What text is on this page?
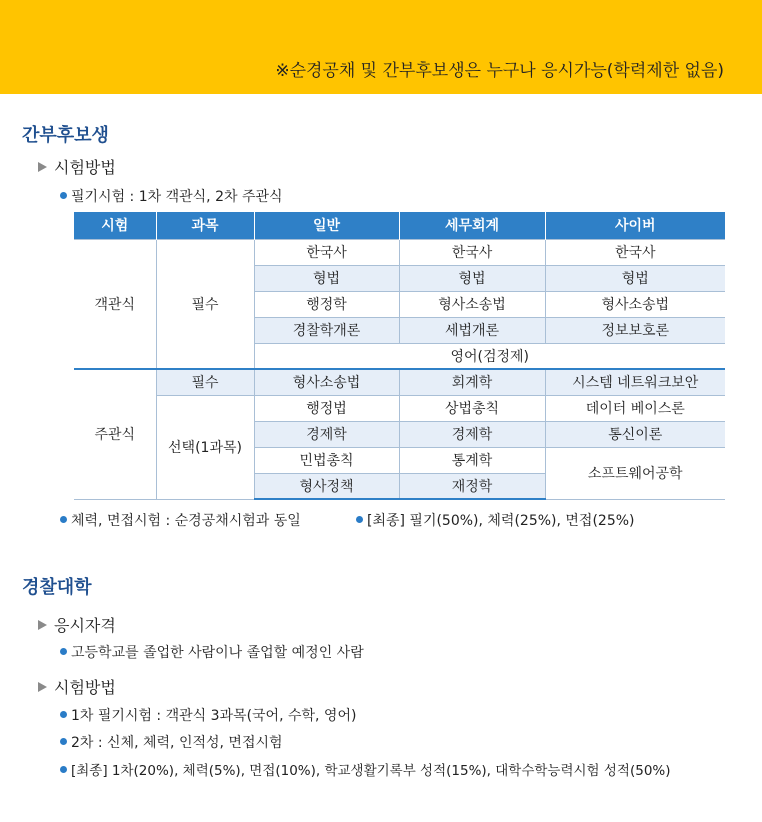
※순경공채 및 간부후보생은 누구나 응시가능(학력제한 없음)
간부후보생
시험방법
필기시험 : 1차 객관식, 2차 주관식
시험	과목	일반	세무회계	사이버
객관식	필수	한국사	한국사	한국사
		형법	형법	형법
		행정학	형사소송법	형사소송법
		경찰학개론	세법개론	정보보호론
		영어(검정제)		
주관식	필수	형사소송법	회계학	시스템 네트워크보안
	선택(1과목)	행정법	상법총칙	데이터 베이스론
		경제학	경제학	통신이론
		민법총칙	통계학	소프트웨어공학
		형사정책	재정학	
체력, 면접시험 : 순경공채시험과 동일	[최종] 필기(50%), 체력(25%), 면접(25%)
경찰대학
응시자격
고등학교를 졸업한 사람이나 졸업할 예정인 사람
시험방법
1차 필기시험 : 객관식 3과목(국어, 수학, 영어)
2차 : 신체, 체력, 인적성, 면접시험
[최종] 1차(20%), 체력(5%), 면접(10%), 학교생활기록부 성적(15%), 대학수학능력시험 성적(50%)
